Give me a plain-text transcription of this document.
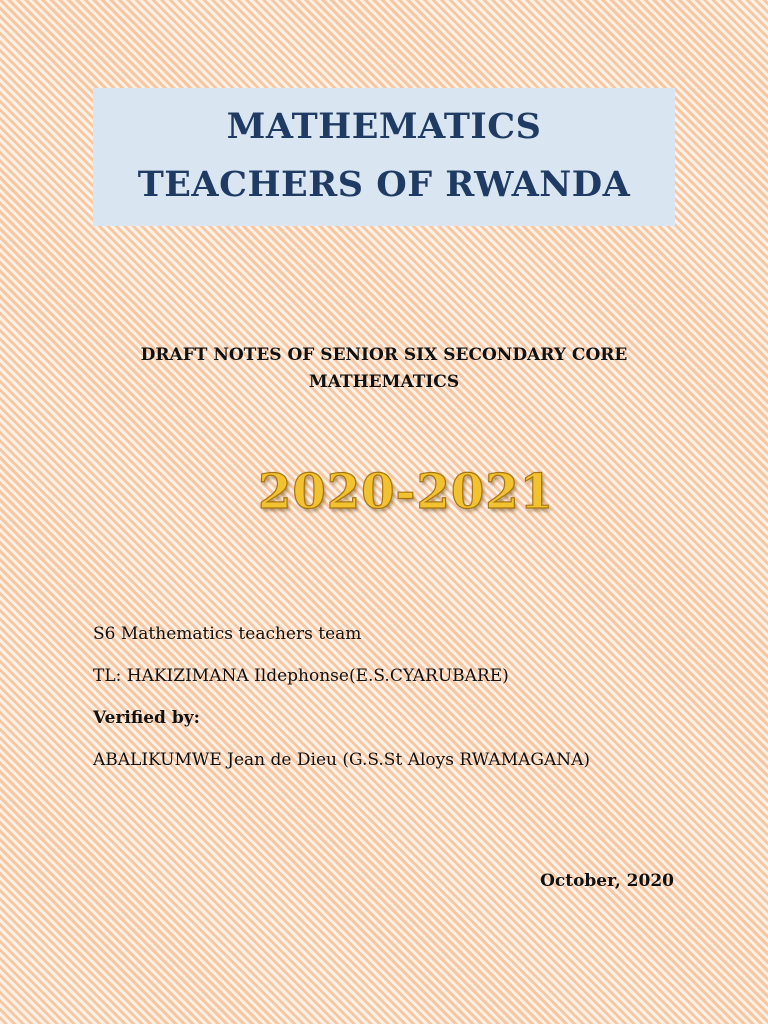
MATHEMATICS
TEACHERS OF RWANDA
DRAFT NOTES OF SENIOR SIX SECONDARY CORE
MATHEMATICS
2020-2021
S6 Mathematics teachers team
TL: HAKIZIMANA Ildephonse(E.S.CYARUBARE)
Verified by:
ABALIKUMWE Jean de Dieu (G.S.St Aloys RWAMAGANA)
October, 2020
